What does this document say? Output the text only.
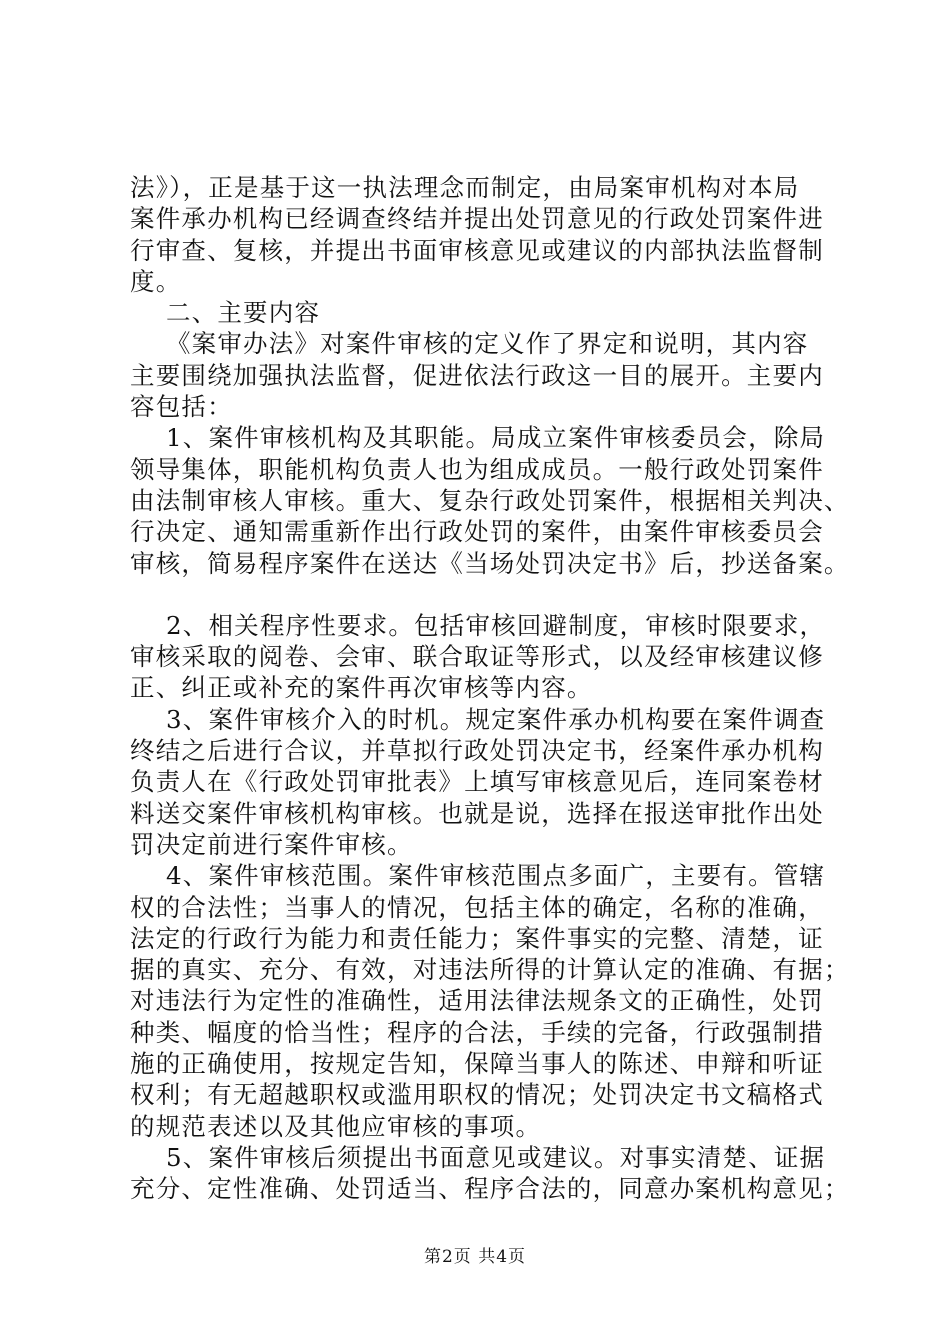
法》），正是基于这一执法理念而制定，由局案审机构对本局
案件承办机构已经调查终结并提出处罚意见的行政处罚案件进
行审查、复核，并提出书面审核意见或建议的内部执法监督制
度。
二、主要内容
《案审办法》对案件审核的定义作了界定和说明，其内容
主要围绕加强执法监督，促进依法行政这一目的展开。主要内
容包括：
1、案件审核机构及其职能。局成立案件审核委员会，除局
领导集体，职能机构负责人也为组成成员。一般行政处罚案件
由法制审核人审核。重大、复杂行政处罚案件，根据相关判决、
行决定、通知需重新作出行政处罚的案件，由案件审核委员会
审核，简易程序案件在送达《当场处罚决定书》后，抄送备案。
2、相关程序性要求。包括审核回避制度，审核时限要求，
审核采取的阅卷、会审、联合取证等形式，以及经审核建议修
正、纠正或补充的案件再次审核等内容。
3、案件审核介入的时机。规定案件承办机构要在案件调查
终结之后进行合议，并草拟行政处罚决定书，经案件承办机构
负责人在《行政处罚审批表》上填写审核意见后，连同案卷材
料送交案件审核机构审核。也就是说，选择在报送审批作出处
罚决定前进行案件审核。
4、案件审核范围。案件审核范围点多面广，主要有。管辖
权的合法性；当事人的情况，包括主体的确定，名称的准确，
法定的行政行为能力和责任能力；案件事实的完整、清楚，证
据的真实、充分、有效，对违法所得的计算认定的准确、有据；
对违法行为定性的准确性，适用法律法规条文的正确性，处罚
种类、幅度的恰当性；程序的合法，手续的完备，行政强制措
施的正确使用，按规定告知，保障当事人的陈述、申辩和听证
权利；有无超越职权或滥用职权的情况；处罚决定书文稿格式
的规范表述以及其他应审核的事项。
5、案件审核后须提出书面意见或建议。对事实清楚、证据
充分、定性准确、处罚适当、程序合法的，同意办案机构意见；
第2页 共4页
